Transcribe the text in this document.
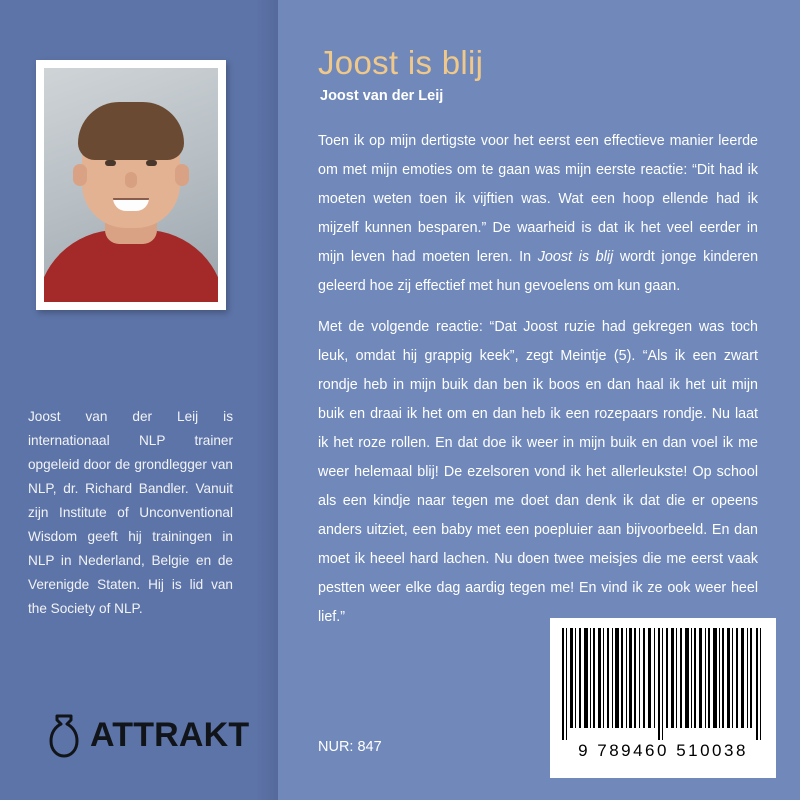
Joost van der Leij is internationaal NLP trainer opgeleid door de grondlegger van NLP, dr. Richard Bandler. Vanuit zijn Institute of Unconventional Wisdom geeft hij trainingen in NLP in Nederland, Belgie en de Verenigde Staten. Hij is lid van the Society of NLP.
ATTRAKT
Joost is blij
Joost van der Leij
Toen ik op mijn dertigste voor het eerst een effectieve manier leerde om met mijn emoties om te gaan was mijn eerste reactie: “Dit had ik moeten weten toen ik vijftien was. Wat een hoop ellende had ik mijzelf kunnen besparen.” De waarheid is dat ik het veel eerder in mijn leven had moeten leren. In Joost is blij wordt jonge kinderen geleerd hoe zij effectief met hun gevoelens om kun gaan.
Met de volgende reactie: “Dat Joost ruzie had gekregen was toch leuk, omdat hij grappig keek”, zegt Meintje (5). “Als ik een zwart rondje heb in mijn buik dan ben ik boos en dan haal ik het uit mijn buik en draai ik het om en dan heb ik een rozepaars rondje. Nu laat ik het roze rollen. En dat doe ik weer in mijn buik en dan voel ik me weer helemaal blij! De ezelsoren vond ik het allerleukste! Op school als een kindje naar tegen me doet dan denk ik dat die er opeens anders uitziet, een baby met een poepluier aan bijvoorbeeld. En dan moet ik heeel hard lachen. Nu doen twee meisjes die me eerst vaak pestten weer elke dag aardig tegen me! En vind ik ze ook weer heel lief.”
NUR: 847	9 789460 510038
